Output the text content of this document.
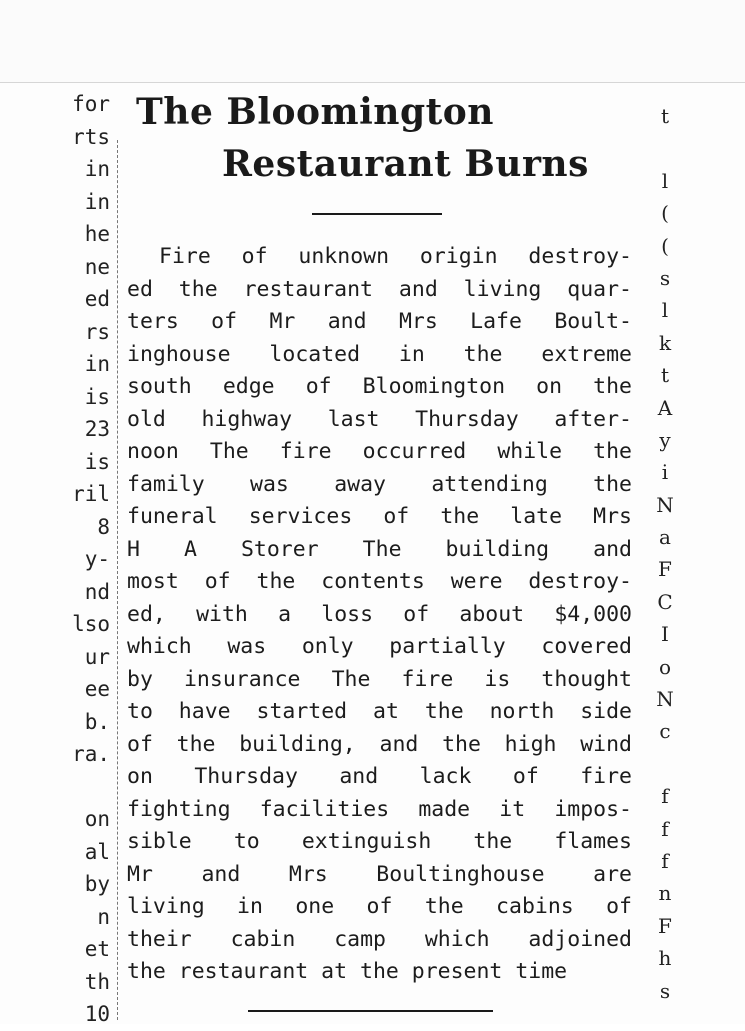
for
rts
in
in
he
ne
ed
rs
in
is
23
is
ril
8
y-
nd
lso
ur
ee
b.
ra.
on
al
by
n
et
th
10
The Bloomington
Restaurant Burns
Fire of unknown origin destroy-
ed the restaurant and living quar-
ters of Mr and Mrs Lafe Boult-
inghouse located in the extreme
south edge of Bloomington on the
old highway last Thursday after-
noon The fire occurred while the
family was away attending the
funeral services of the late Mrs
H A Storer The building and
most of the contents were destroy-
ed, with a loss of about $4,000
which was only partially covered
by insurance The fire is thought
to have started at the north side
of the building, and the high wind
on Thursday and lack of fire
fighting facilities made it impos-
sible to extinguish the flames
Mr and Mrs Boultinghouse are
living in one of the cabins of
their cabin camp which adjoined
the restaurant at the present time
t
l
(
(
s
l
k
t
A
y
i
N
a
F
C
I
o
N
c
f
f
f
n
F
h
s
